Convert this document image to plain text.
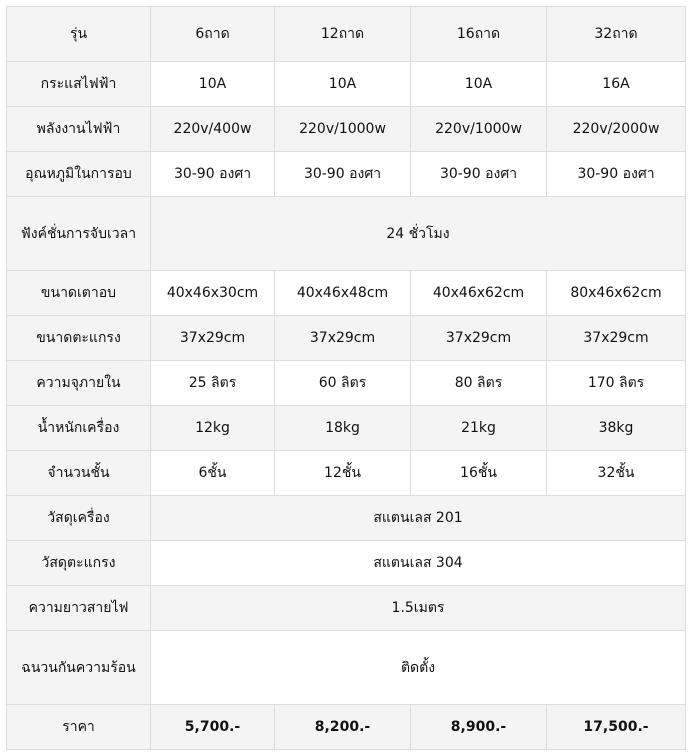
รุ่น	6ถาด	12ถาด	16ถาด	32ถาด
กระแสไฟฟ้า	10A	10A	10A	16A
พลังงานไฟฟ้า	220v/400w	220v/1000w	220v/1000w	220v/2000w
อุณหภูมิในการอบ	30-90 องศา	30-90 องศา	30-90 องศา	30-90 องศา
ฟังค์ชั่นการจับเวลา	24 ชั่วโมง			
ขนาดเตาอบ	40x46x30cm	40x46x48cm	40x46x62cm	80x46x62cm
ขนาดตะแกรง	37x29cm	37x29cm	37x29cm	37x29cm
ความจุภายใน	25 ลิตร	60 ลิตร	80 ลิตร	170 ลิตร
น้ำหนักเครื่อง	12kg	18kg	21kg	38kg
จำนวนชั้น	6ชั้น	12ชั้น	16ชั้น	32ชั้น
วัสดุเครื่อง	สแตนเลส 201			
วัสดุตะแกรง	สแตนเลส 304			
ความยาวสายไฟ	1.5เมตร			
ฉนวนกันความร้อน	ติดตั้ง			
ราคา	5,700.-	8,200.-	8,900.-	17,500.-
